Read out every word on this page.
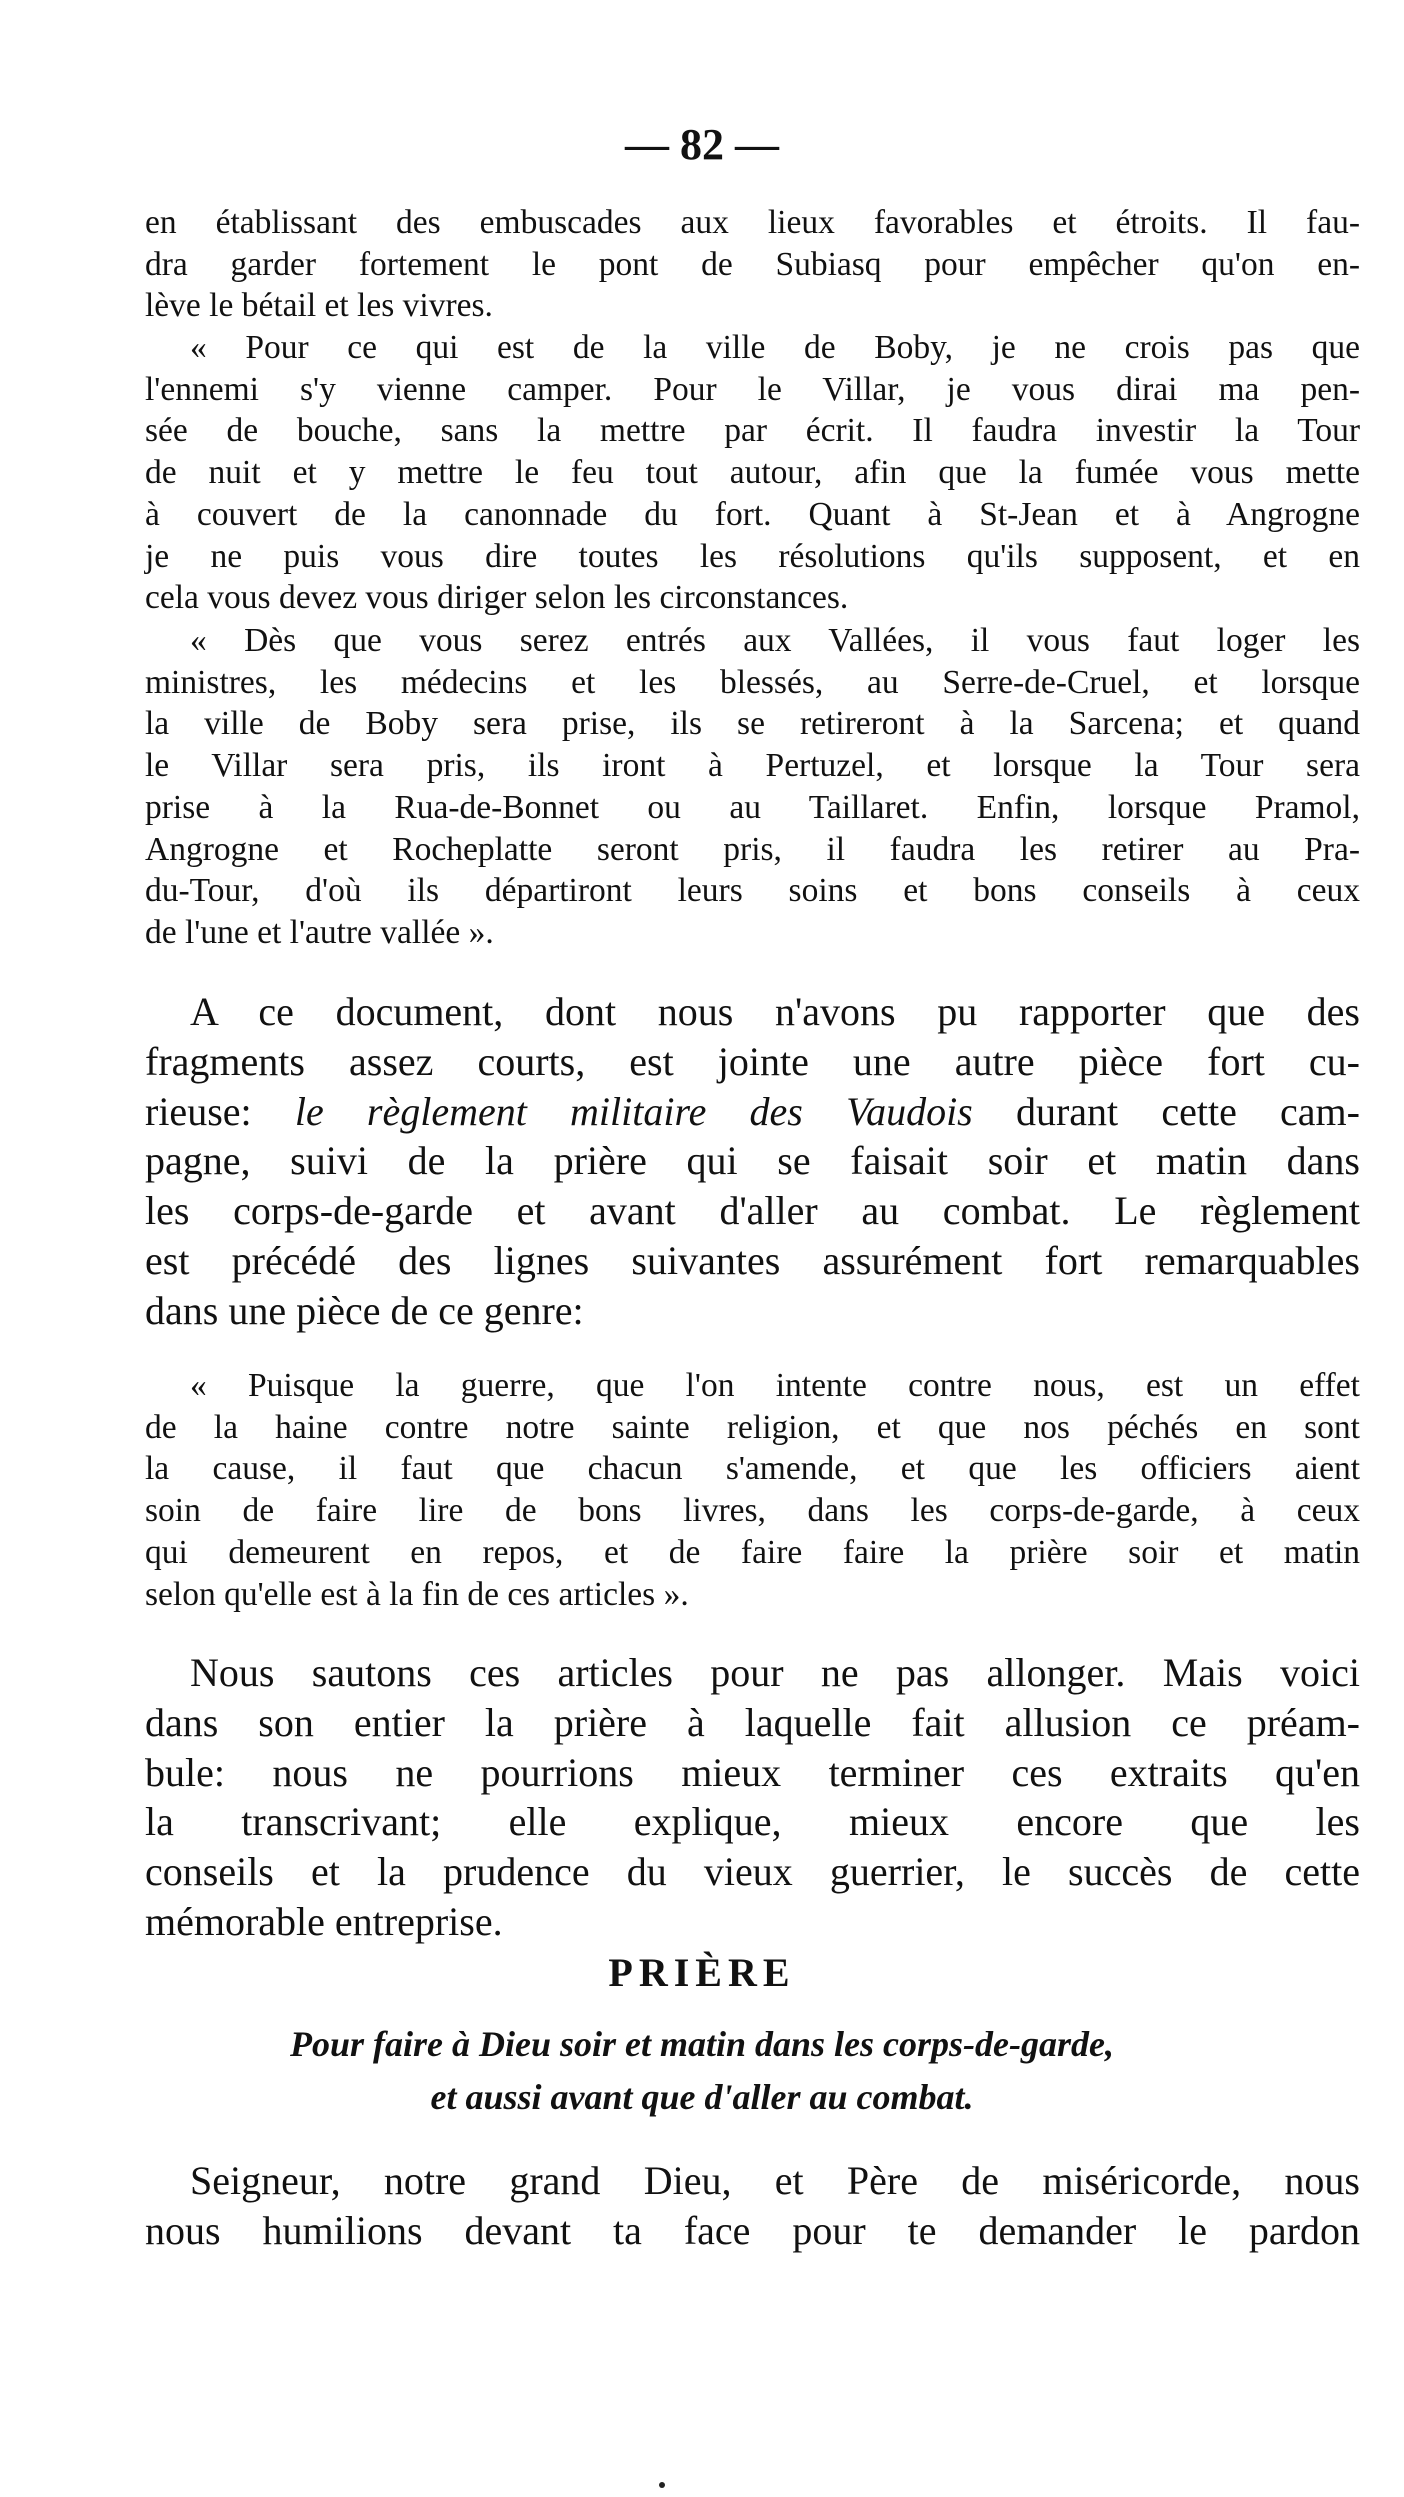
— 82 —
en établissant des embuscades aux lieux favorables et étroits. Il fau-
dra garder fortement le pont de Subiasq pour empêcher qu'on en-
lève le bétail et les vivres.
« Pour ce qui est de la ville de Boby, je ne crois pas que
l'ennemi s'y vienne camper. Pour le Villar, je vous dirai ma pen-
sée de bouche, sans la mettre par écrit. Il faudra investir la Tour
de nuit et y mettre le feu tout autour, afin que la fumée vous mette
à couvert de la canonnade du fort. Quant à St-Jean et à Angrogne
je ne puis vous dire toutes les résolutions qu'ils supposent, et en
cela vous devez vous diriger selon les circonstances.
« Dès que vous serez entrés aux Vallées, il vous faut loger les
ministres, les médecins et les blessés, au Serre-de-Cruel, et lorsque
la ville de Boby sera prise, ils se retireront à la Sarcena; et quand
le Villar sera pris, ils iront à Pertuzel, et lorsque la Tour sera
prise à la Rua-de-Bonnet ou au Taillaret. Enfin, lorsque Pramol,
Angrogne et Rocheplatte seront pris, il faudra les retirer au Pra-
du-Tour, d'où ils départiront leurs soins et bons conseils à ceux
de l'une et l'autre vallée ».
A ce document, dont nous n'avons pu rapporter que des
fragments assez courts, est jointe une autre pièce fort cu-
rieuse: le règlement militaire des Vaudois durant cette cam-
pagne, suivi de la prière qui se faisait soir et matin dans
les corps-de-garde et avant d'aller au combat. Le règlement
est précédé des lignes suivantes assurément fort remarquables
dans une pièce de ce genre:
« Puisque la guerre, que l'on intente contre nous, est un effet
de la haine contre notre sainte religion, et que nos péchés en sont
la cause, il faut que chacun s'amende, et que les officiers aient
soin de faire lire de bons livres, dans les corps-de-garde, à ceux
qui demeurent en repos, et de faire faire la prière soir et matin
selon qu'elle est à la fin de ces articles ».
Nous sautons ces articles pour ne pas allonger. Mais voici
dans son entier la prière à laquelle fait allusion ce préam-
bule: nous ne pourrions mieux terminer ces extraits qu'en
la transcrivant; elle explique, mieux encore que les
conseils et la prudence du vieux guerrier, le succès de cette
mémorable entreprise.
PRIÈRE
Pour faire à Dieu soir et matin dans les corps-de-garde,
et aussi avant que d'aller au combat.
Seigneur, notre grand Dieu, et Père de miséricorde, nous
nous humilions devant ta face pour te demander le pardon
